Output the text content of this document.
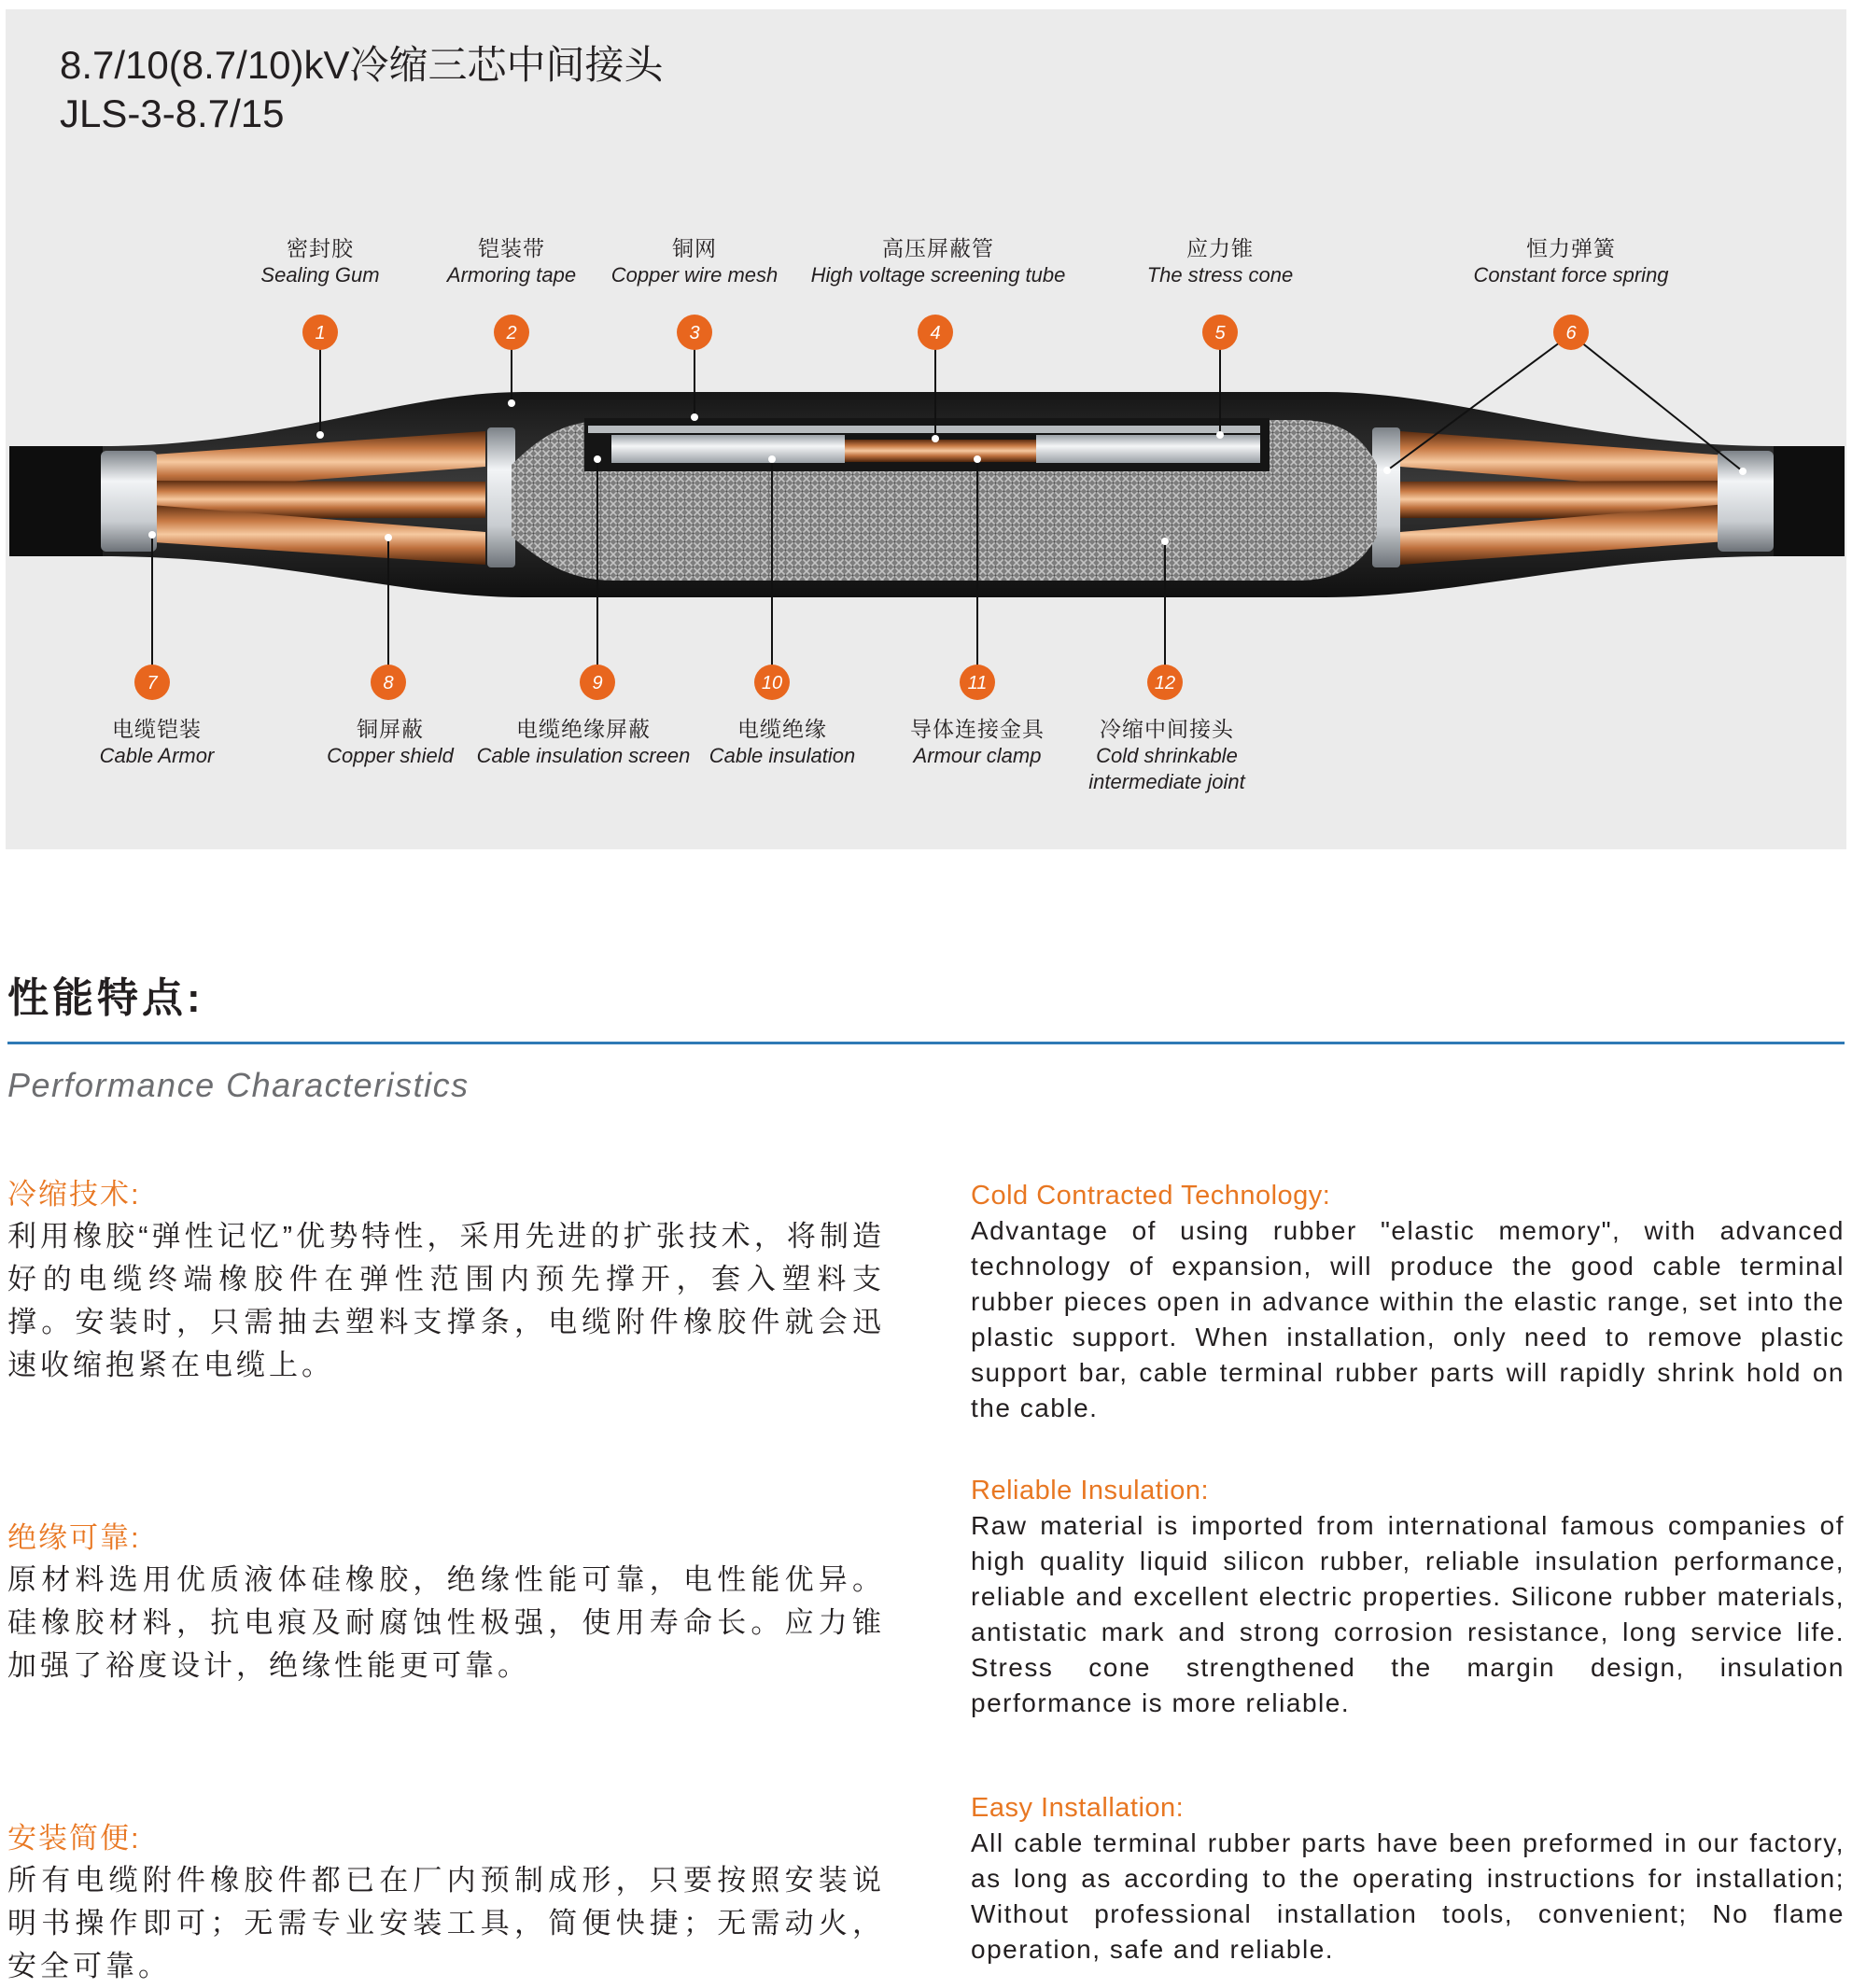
8.7/10(8.7/10)kV冷缩三芯中间接头
JLS-3-8.7/15
1	2	3	4	5	6
7	8	9	10	11	12
密封胶
Sealing Gum
铠装带
Armoring tape
铜网
Copper wire mesh
高压屏蔽管
High voltage screening tube
应力锥
The stress cone
恒力弹簧
Constant force spring
电缆铠装
Cable Armor
铜屏蔽
Copper shield
电缆绝缘屏蔽
Cable insulation screen
电缆绝缘
Cable insulation
导体连接金具
Armour clamp
冷缩中间接头
Cold shrinkable
intermediate joint
性能特点:
Performance Characteristics
冷缩技术:
利用橡胶“弹性记忆”优势特性，采用先进的扩张技术，将制造好的电缆终端橡胶件在弹性范围内预先撑开，套入塑料支撑。安装时，只需抽去塑料支撑条，电缆附件橡胶件就会迅速收缩抱紧在电缆上。
Cold Contracted Technology:
Advantage of using rubber "elastic memory", with advanced technology of expansion, will produce the good cable terminal rubber pieces open in advance within the elastic range, set into the plastic support. When installation, only need to remove plastic support bar, cable terminal rubber parts will rapidly shrink hold on the cable.
绝缘可靠:
原材料选用优质液体硅橡胶，绝缘性能可靠，电性能优异。硅橡胶材料，抗电痕及耐腐蚀性极强，使用寿命长。应力锥加强了裕度设计，绝缘性能更可靠。
Reliable Insulation:
Raw material is imported from international famous companies of high quality liquid silicon rubber, reliable insulation performance, reliable and excellent electric properties. Silicone rubber materials, antistatic mark and strong corrosion resistance, long service life. Stress cone strengthened the margin design, insulation performance is more reliable.
安装简便:
所有电缆附件橡胶件都已在厂内预制成形，只要按照安装说明书操作即可；无需专业安装工具，简便快捷；无需动火，安全可靠。
Easy Installation:
All cable terminal rubber parts have been preformed in our factory, as long as according to the operating instructions for installation; Without professional installation tools, convenient; No flame operation, safe and reliable.
